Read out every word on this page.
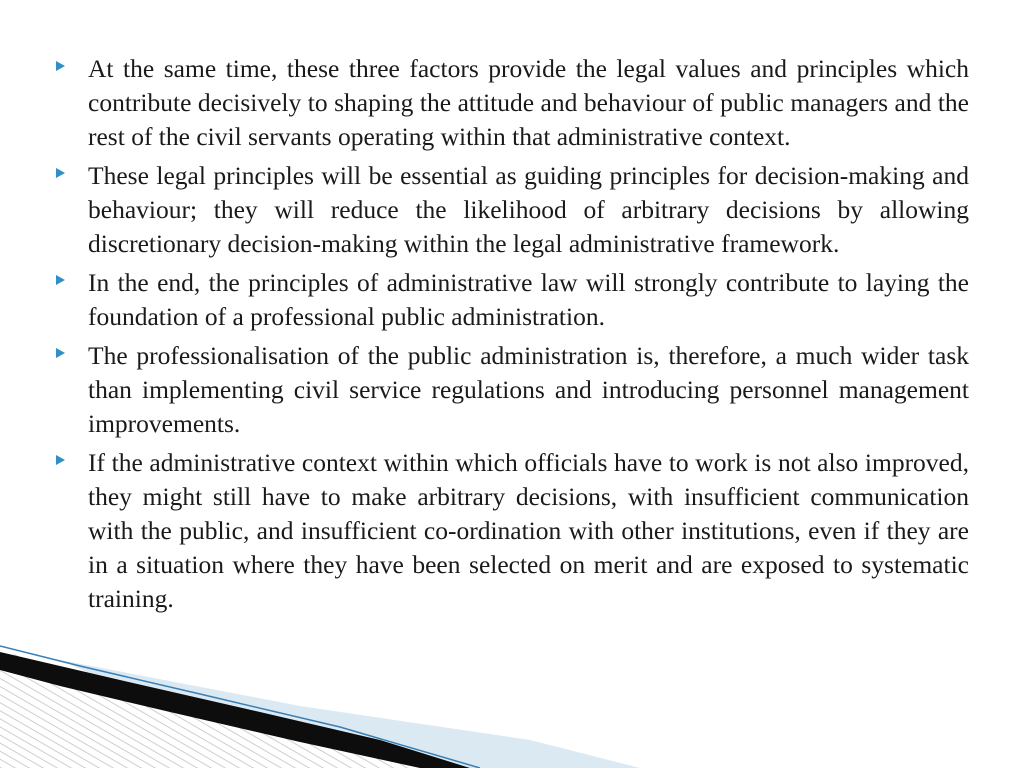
At the same time, these three factors provide the legal values and principles which contribute decisively to shaping the attitude and behaviour of public managers and the rest of the civil servants operating within that administrative context.
These legal principles will be essential as guiding principles for decision-making and behaviour; they will reduce the likelihood of arbitrary decisions by allowing discretionary decision-making within the legal administrative framework.
In the end, the principles of administrative law will strongly contribute to laying the foundation of a professional public administration.
The professionalisation of the public administration is, therefore, a much wider task than implementing civil service regulations and introducing personnel management improvements.
If the administrative context within which officials have to work is not also improved, they might still have to make arbitrary decisions, with insufficient communication with the public, and insufficient co-ordination with other institutions, even if they are in a situation where they have been selected on merit and are exposed to systematic training.
